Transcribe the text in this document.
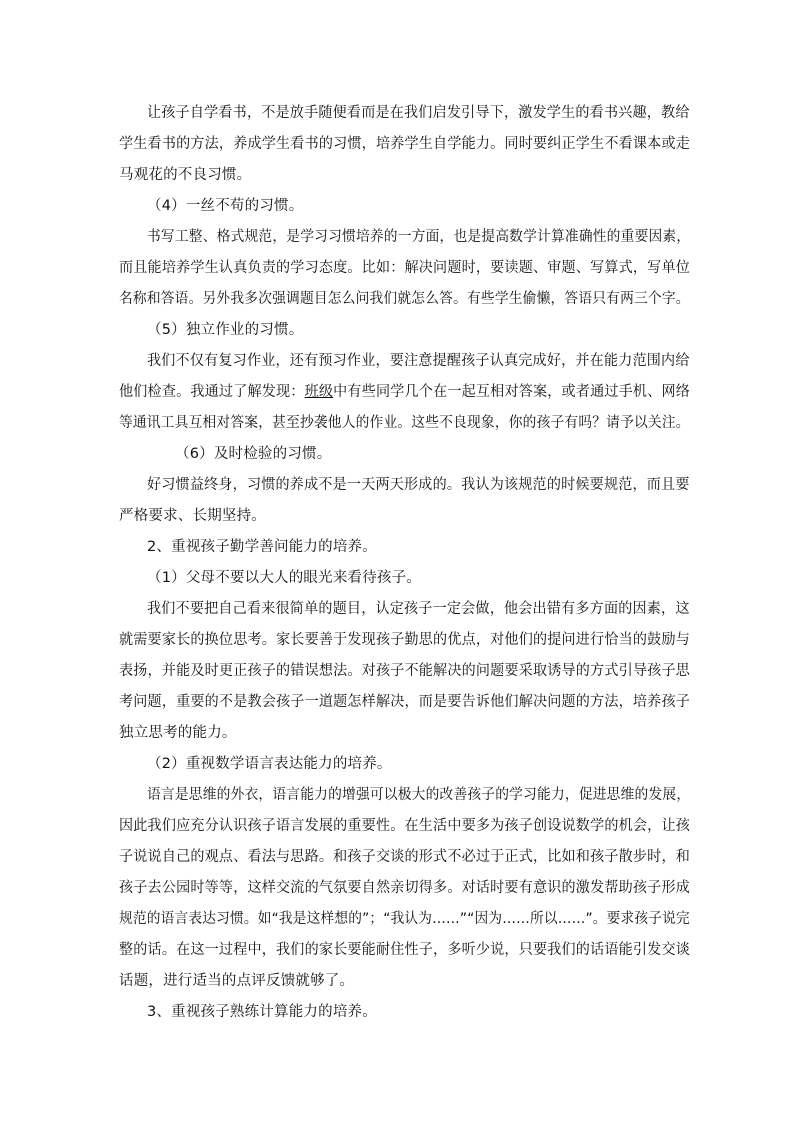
让孩子自学看书，不是放手随便看而是在我们启发引导下，激发学生的看书兴趣，教给
学生看书的方法，养成学生看书的习惯，培养学生自学能力。同时要纠正学生不看课本或走
马观花的不良习惯。
（4）一丝不苟的习惯。
书写工整、格式规范，是学习习惯培养的一方面，也是提高数学计算准确性的重要因素，
而且能培养学生认真负责的学习态度。比如：解决问题时，要读题、审题、写算式，写单位
名称和答语。另外我多次强调题目怎么问我们就怎么答。有些学生偷懒，答语只有两三个字。
（5）独立作业的习惯。
我们不仅有复习作业，还有预习作业，要注意提醒孩子认真完成好，并在能力范围内给
他们检查。我通过了解发现：班级中有些同学几个在一起互相对答案，或者通过手机、网络
等通讯工具互相对答案，甚至抄袭他人的作业。这些不良现象，你的孩子有吗？请予以关注。
（6）及时检验的习惯。
好习惯益终身，习惯的养成不是一天两天形成的。我认为该规范的时候要规范，而且要
严格要求、长期坚持。
2、重视孩子勤学善问能力的培养。
（1）父母不要以大人的眼光来看待孩子。
我们不要把自己看来很简单的题目，认定孩子一定会做，他会出错有多方面的因素，这
就需要家长的换位思考。家长要善于发现孩子勤思的优点，对他们的提问进行恰当的鼓励与
表扬，并能及时更正孩子的错误想法。对孩子不能解决的问题要采取诱导的方式引导孩子思
考问题，重要的不是教会孩子一道题怎样解决，而是要告诉他们解决问题的方法，培养孩子
独立思考的能力。
（2）重视数学语言表达能力的培养。
语言是思维的外衣，语言能力的增强可以极大的改善孩子的学习能力，促进思维的发展，
因此我们应充分认识孩子语言发展的重要性。在生活中要多为孩子创设说数学的机会，让孩
子说说自己的观点、看法与思路。和孩子交谈的形式不必过于正式，比如和孩子散步时，和
孩子去公园时等等，这样交流的气氛要自然亲切得多。对话时要有意识的激发帮助孩子形成
规范的语言表达习惯。如“我是这样想的”；“我认为……”“因为……所以……”。要求孩子说完
整的话。在这一过程中，我们的家长要能耐住性子，多听少说，只要我们的话语能引发交谈
话题，进行适当的点评反馈就够了。
3、重视孩子熟练计算能力的培养。
